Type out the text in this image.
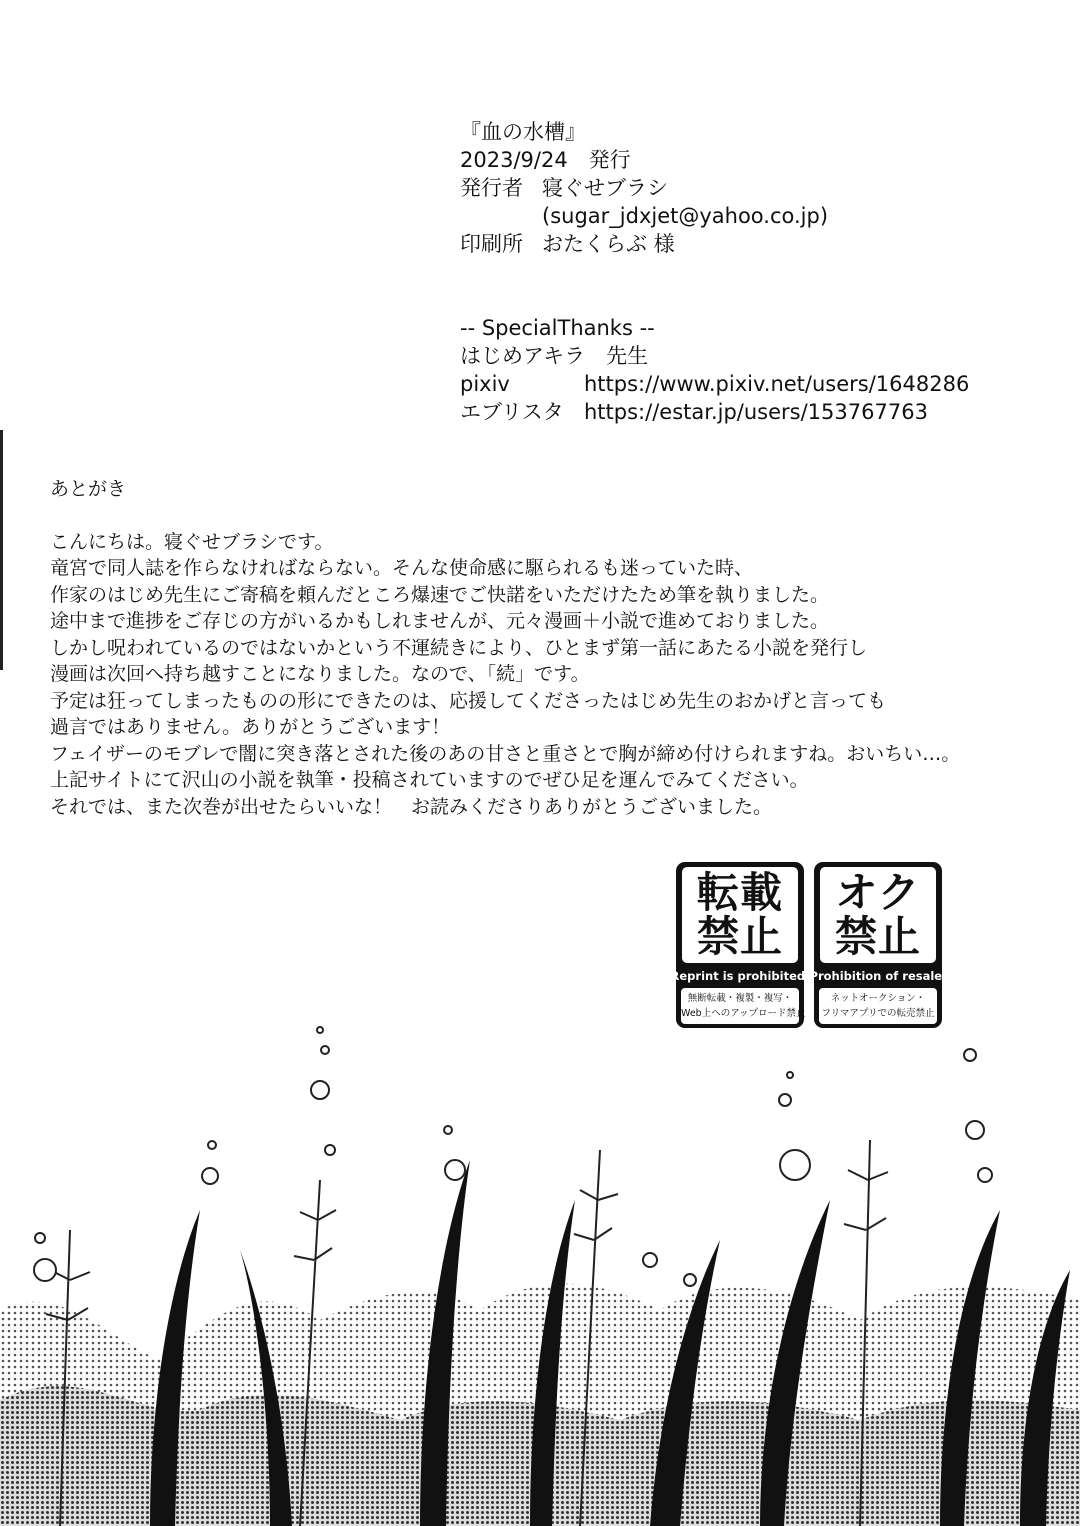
『血の水槽』
2023/9/24　発行
発行者 寝ぐせブラシ
(sugar_jdxjet@yahoo.co.jp)
印刷所 おたくらぶ 様
-- SpecialThanks --
はじめアキラ　先生
pixiv	https://www.pixiv.net/users/1648286
エブリスタ https://estar.jp/users/153767763
あとがき

こんにちは。寝ぐせブラシです。

竜宮で同人誌を作らなければならない。そんな使命感に駆られるも迷っていた時、

作家のはじめ先生にご寄稿を頼んだところ爆速でご快諾をいただけたため筆を執りました。

途中まで進捗をご存じの方がいるかもしれませんが、元々漫画＋小説で進めておりました。

しかし呪われているのではないかという不運続きにより、ひとまず第一話にあたる小説を発行し

漫画は次回へ持ち越すことになりました。なので、「続」です。

予定は狂ってしまったものの形にできたのは、応援してくださったはじめ先生のおかげと言っても

過言ではありません。ありがとうございます！

フェイザーのモブレで闇に突き落とされた後のあの甘さと重さとで胸が締め付けられますね。おいちい…。

上記サイトにて沢山の小説を執筆・投稿されていますのでぜひ足を運んでみてください。

それでは、また次巻が出せたらいいな！　お読みくださりありがとうございました。

転載
禁止
Reprint is prohibited.
無断転載・複製・複写・
Web上へのアップロード禁止
オク
禁止
Prohibition of resale.
ネットオークション・
フリマアプリでの転売禁止
